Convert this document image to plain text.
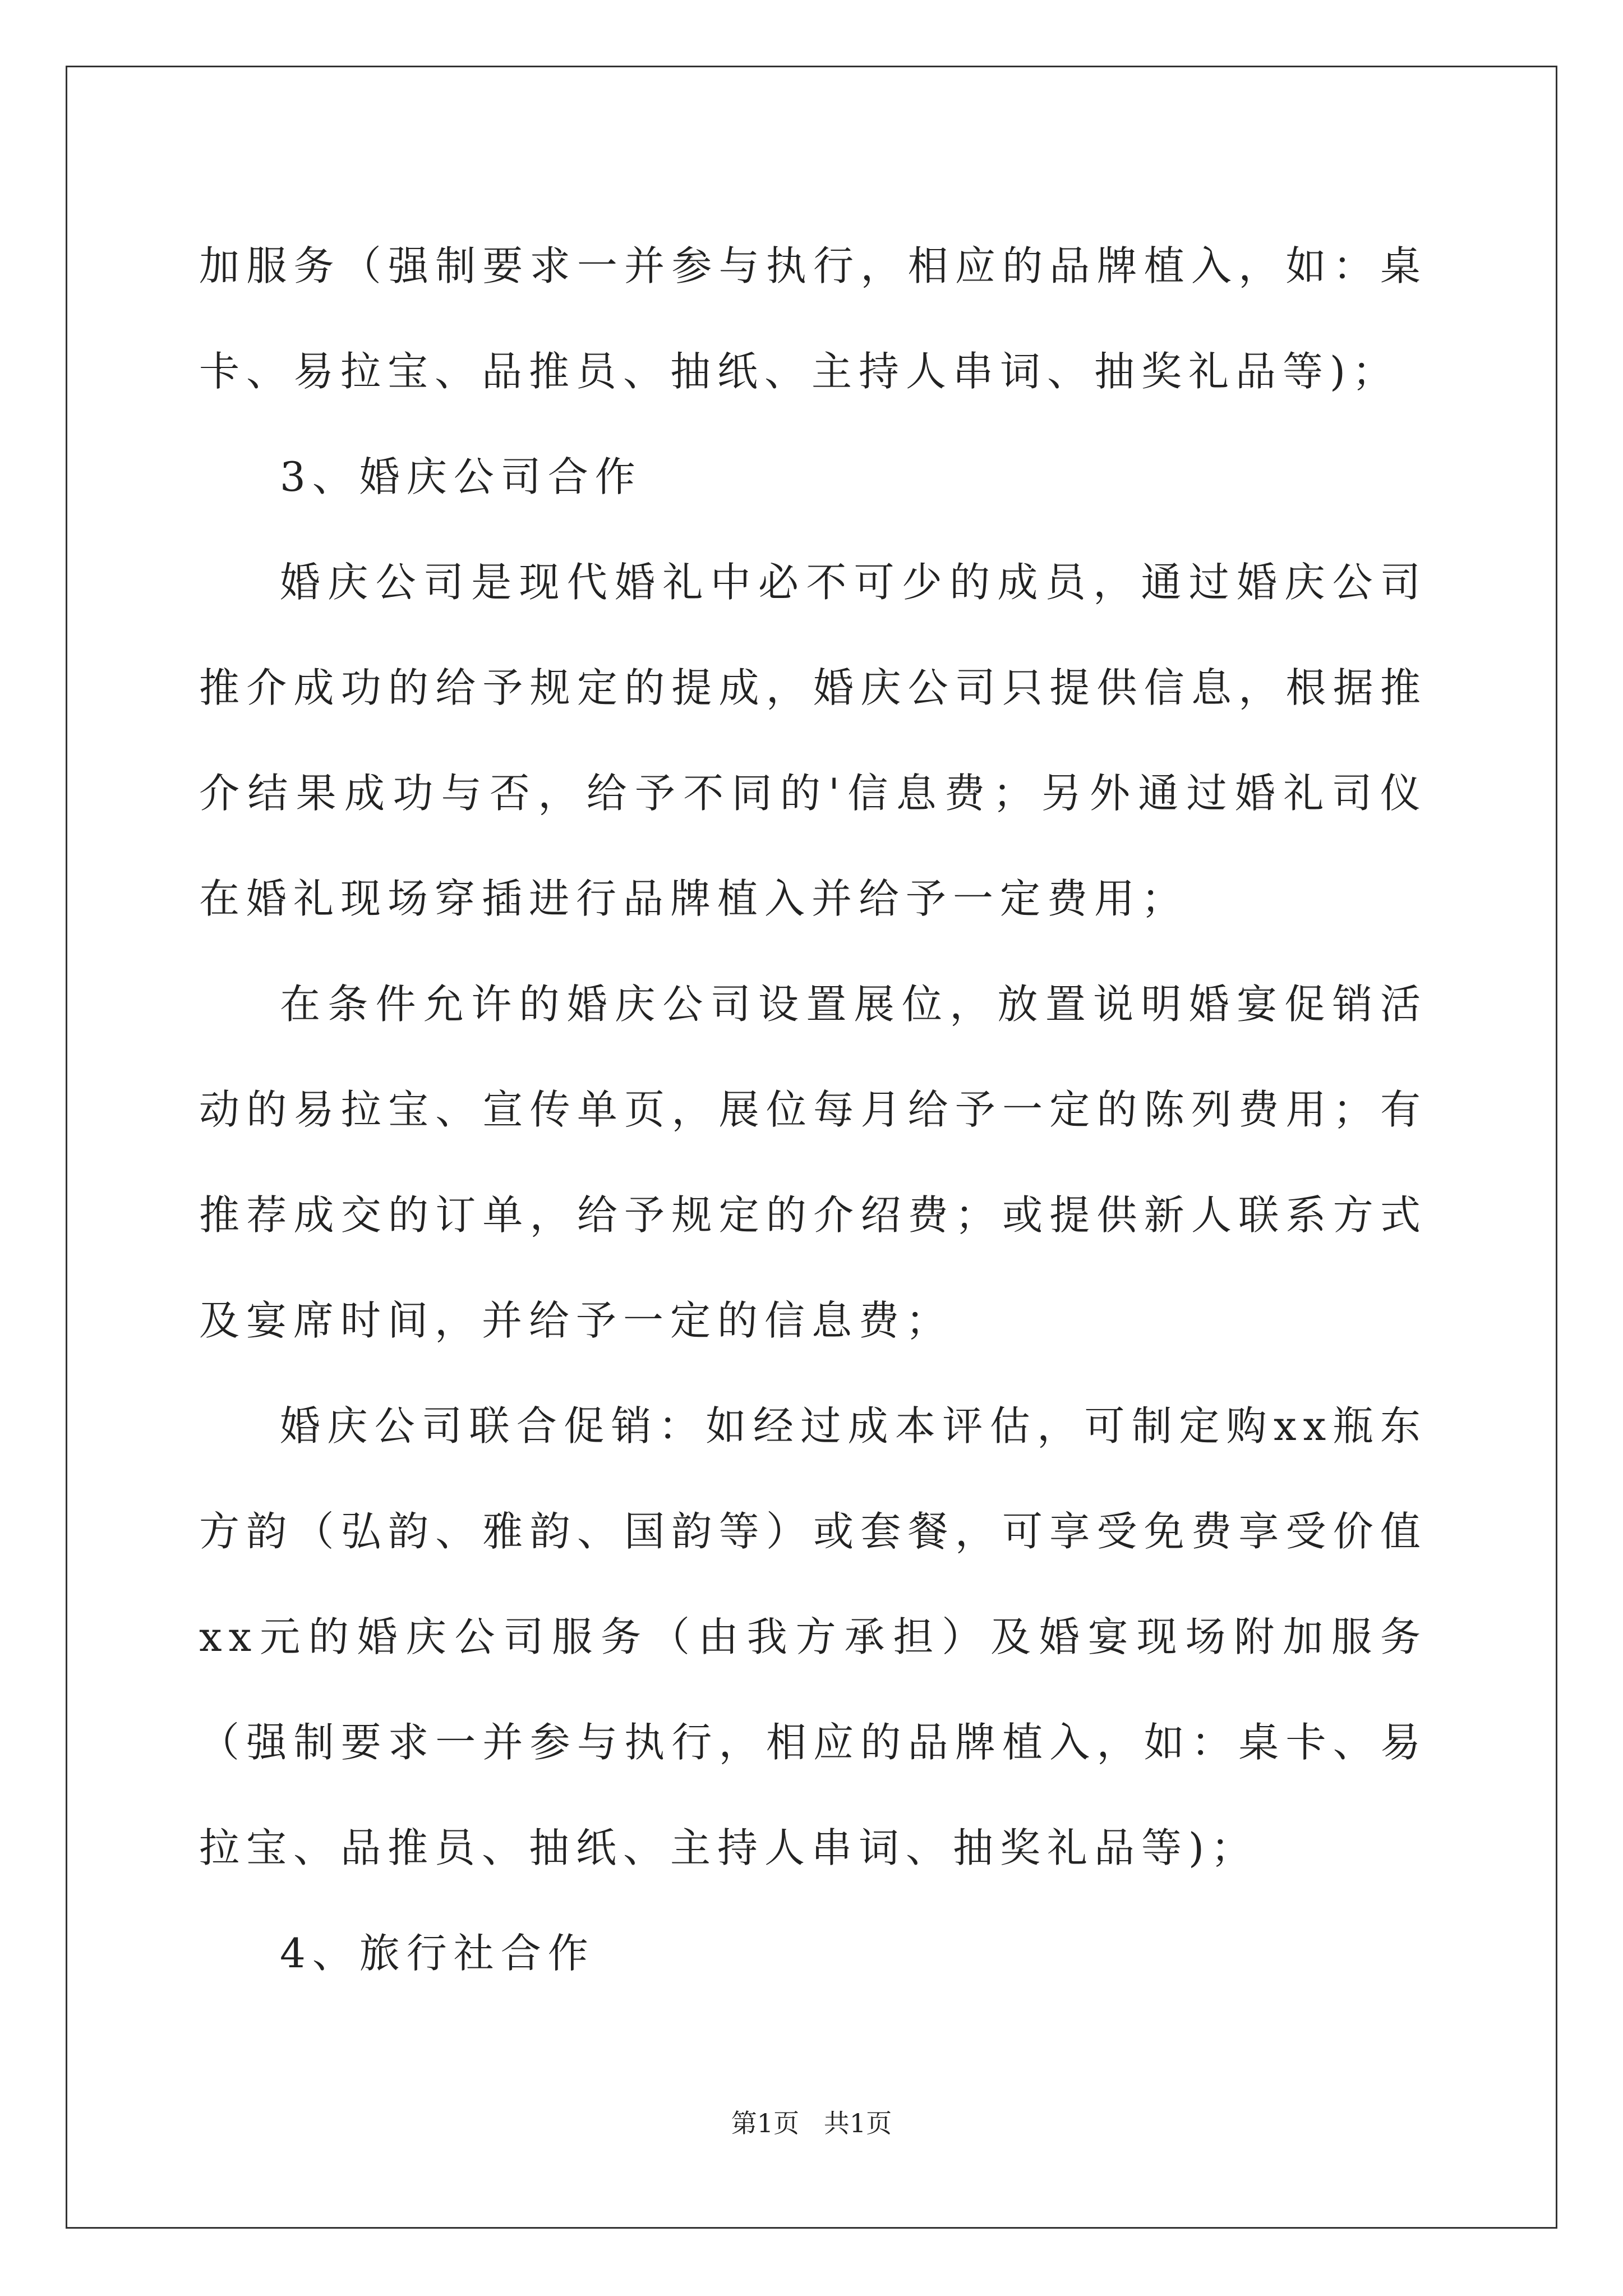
加服务（强制要求一并参与执行，相应的品牌植入，如：桌卡、易拉宝、品推员、抽纸、主持人串词、抽奖礼品等)；

3、婚庆公司合作

婚庆公司是现代婚礼中必不可少的成员，通过婚庆公司推介成功的给予规定的提成，婚庆公司只提供信息，根据推介结果成功与否，给予不同的'信息费；另外通过婚礼司仪在婚礼现场穿插进行品牌植入并给予一定费用；

在条件允许的婚庆公司设置展位，放置说明婚宴促销活动的易拉宝、宣传单页，展位每月给予一定的陈列费用；有推荐成交的订单，给予规定的介绍费；或提供新人联系方式及宴席时间，并给予一定的信息费；

婚庆公司联合促销：如经过成本评估，可制定购xx瓶东方韵（弘韵、雅韵、国韵等）或套餐，可享受免费享受价值xx元的婚庆公司服务（由我方承担）及婚宴现场附加服务（强制要求一并参与执行，相应的品牌植入，如：桌卡、易拉宝、品推员、抽纸、主持人串词、抽奖礼品等)；

4、旅行社合作

第1页   共1页
